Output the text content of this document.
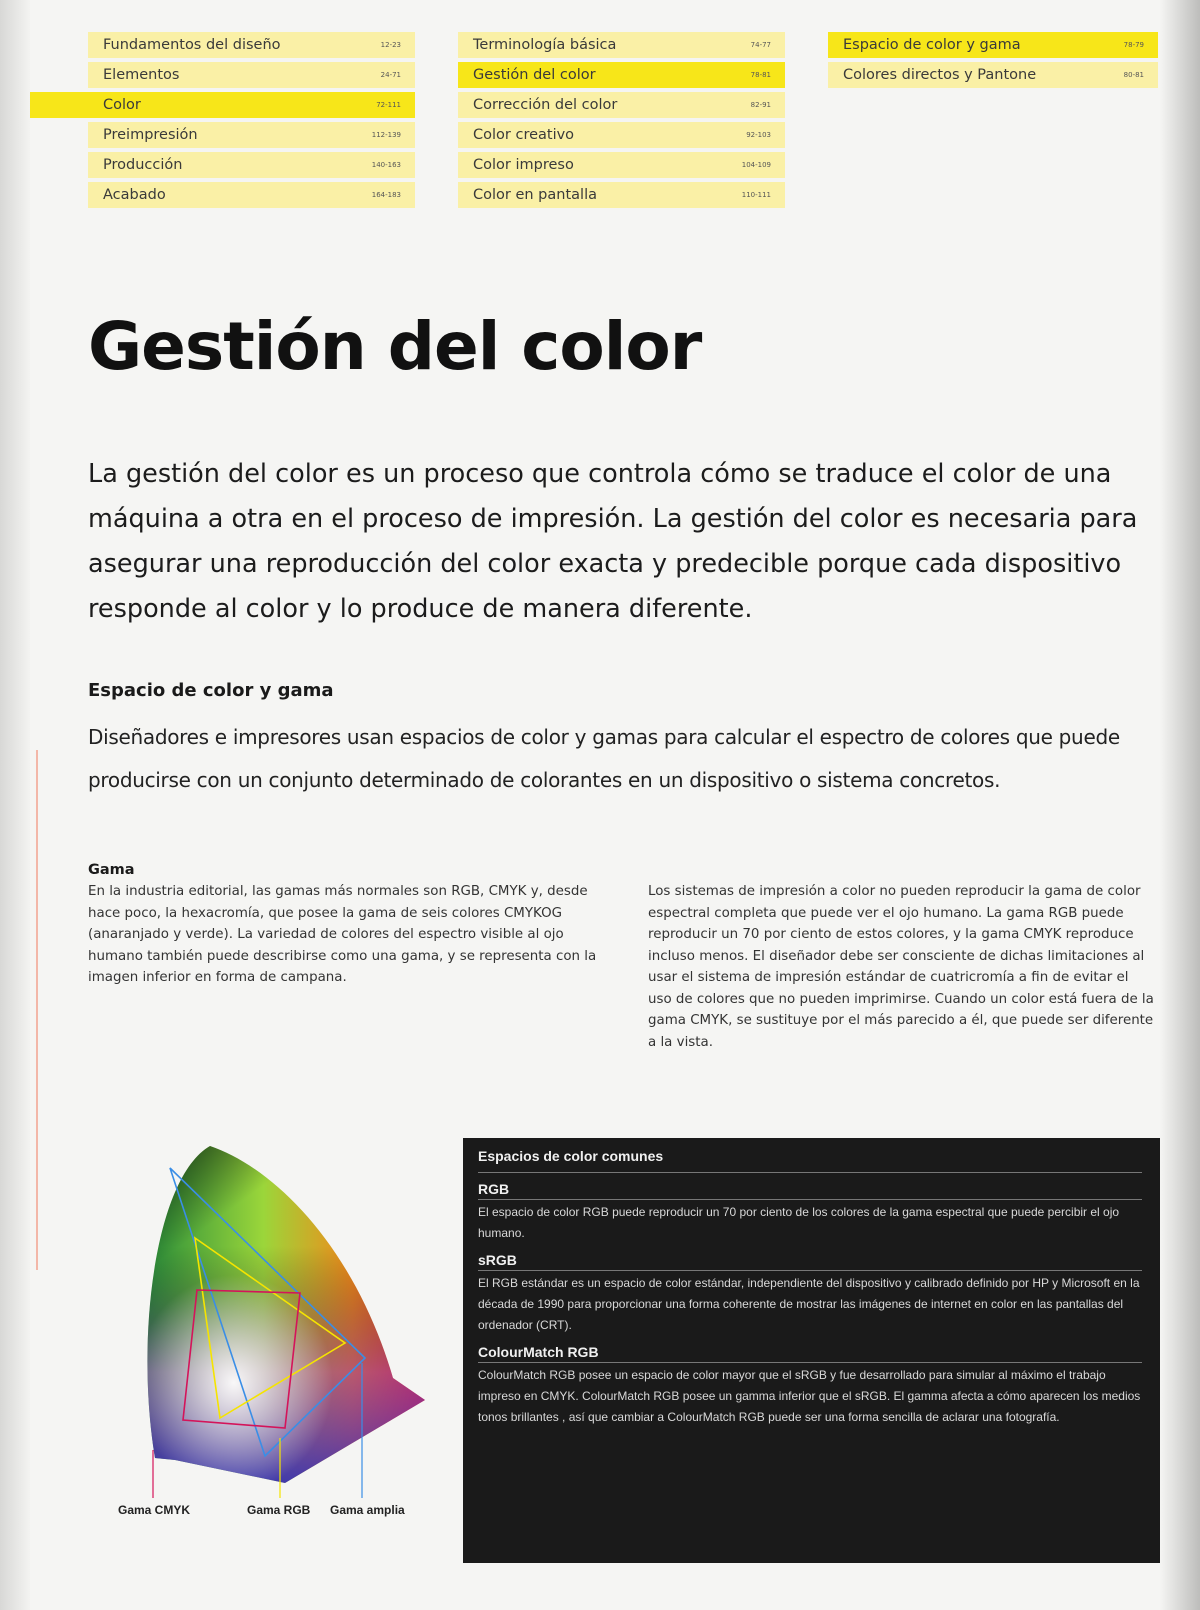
Fundamentos del diseño	12-23
Elementos	24-71
Color	72-111
Preimpresión	112-139
Producción	140-163
Acabado	164-183
Terminología básica	74-77
Gestión del color	78-81
Corrección del color	82-91
Color creativo	92-103
Color impreso	104-109
Color en pantalla	110-111
Espacio de color y gama	78-79
Colores directos y Pantone	80-81
Gestión del color

La gestión del color es un proceso que controla cómo se traduce el color de una máquina a otra en el proceso de impresión. La gestión del color es necesaria para asegurar una reproducción del color exacta y predecible porque cada dispositivo responde al color y lo produce de manera diferente.

Espacio de color y gama

Diseñadores e impresores usan espacios de color y gamas para calcular el espectro de colores que puede producirse con un conjunto determinado de colorantes en un dispositivo o sistema concretos.

Gama

En la industria editorial, las gamas más normales son RGB, CMYK y, desde hace poco, la hexacromía, que posee la gama de seis colores CMYKOG (anaranjado y verde). La variedad de colores del espectro visible al ojo humano también puede describirse como una gama, y se representa con la imagen inferior en forma de campana.

Los sistemas de impresión a color no pueden reproducir la gama de color espectral completa que puede ver el ojo humano. La gama RGB puede reproducir un 70 por ciento de estos colores, y la gama CMYK reproduce incluso menos. El diseñador debe ser consciente de dichas limitaciones al usar el sistema de impresión estándar de cuatricromía a fin de evitar el uso de colores que no pueden imprimirse. Cuando un color está fuera de la gama CMYK, se sustituye por el más parecido a él, que puede ser diferente a la vista.

Gama CMYK	Gama RGB Gama amplia

Espacios de color comunes

RGB

El espacio de color RGB puede reproducir un 70 por ciento de los colores de la gama espectral que puede percibir el ojo humano.

sRGB

El RGB estándar es un espacio de color estándar, independiente del dispositivo y calibrado definido por HP y Microsoft en la década de 1990 para proporcionar una forma coherente de mostrar las imágenes de internet en color en las pantallas del ordenador (CRT).

ColourMatch RGB

ColourMatch RGB posee un espacio de color mayor que el sRGB y fue desarrollado para simular al máximo el trabajo impreso en CMYK. ColourMatch RGB posee un gamma inferior que el sRGB. El gamma afecta a cómo aparecen los medios tonos brillantes , así que cambiar a ColourMatch RGB puede ser una forma sencilla de aclarar una fotografía.
